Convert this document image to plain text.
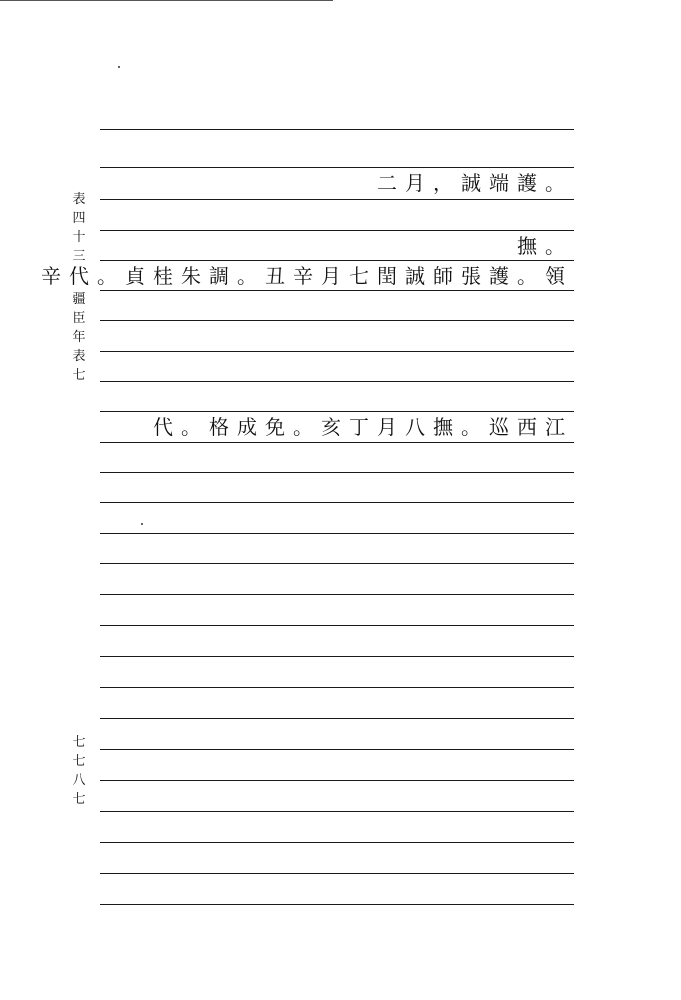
表
四
十
三
疆
臣
年
表
七
七
七
八
七
二月，誠端護。
撫。
辛代。貞桂朱調。丑辛月七閏誠師張護。領
代。格成免。亥丁月八撫。巡西江
